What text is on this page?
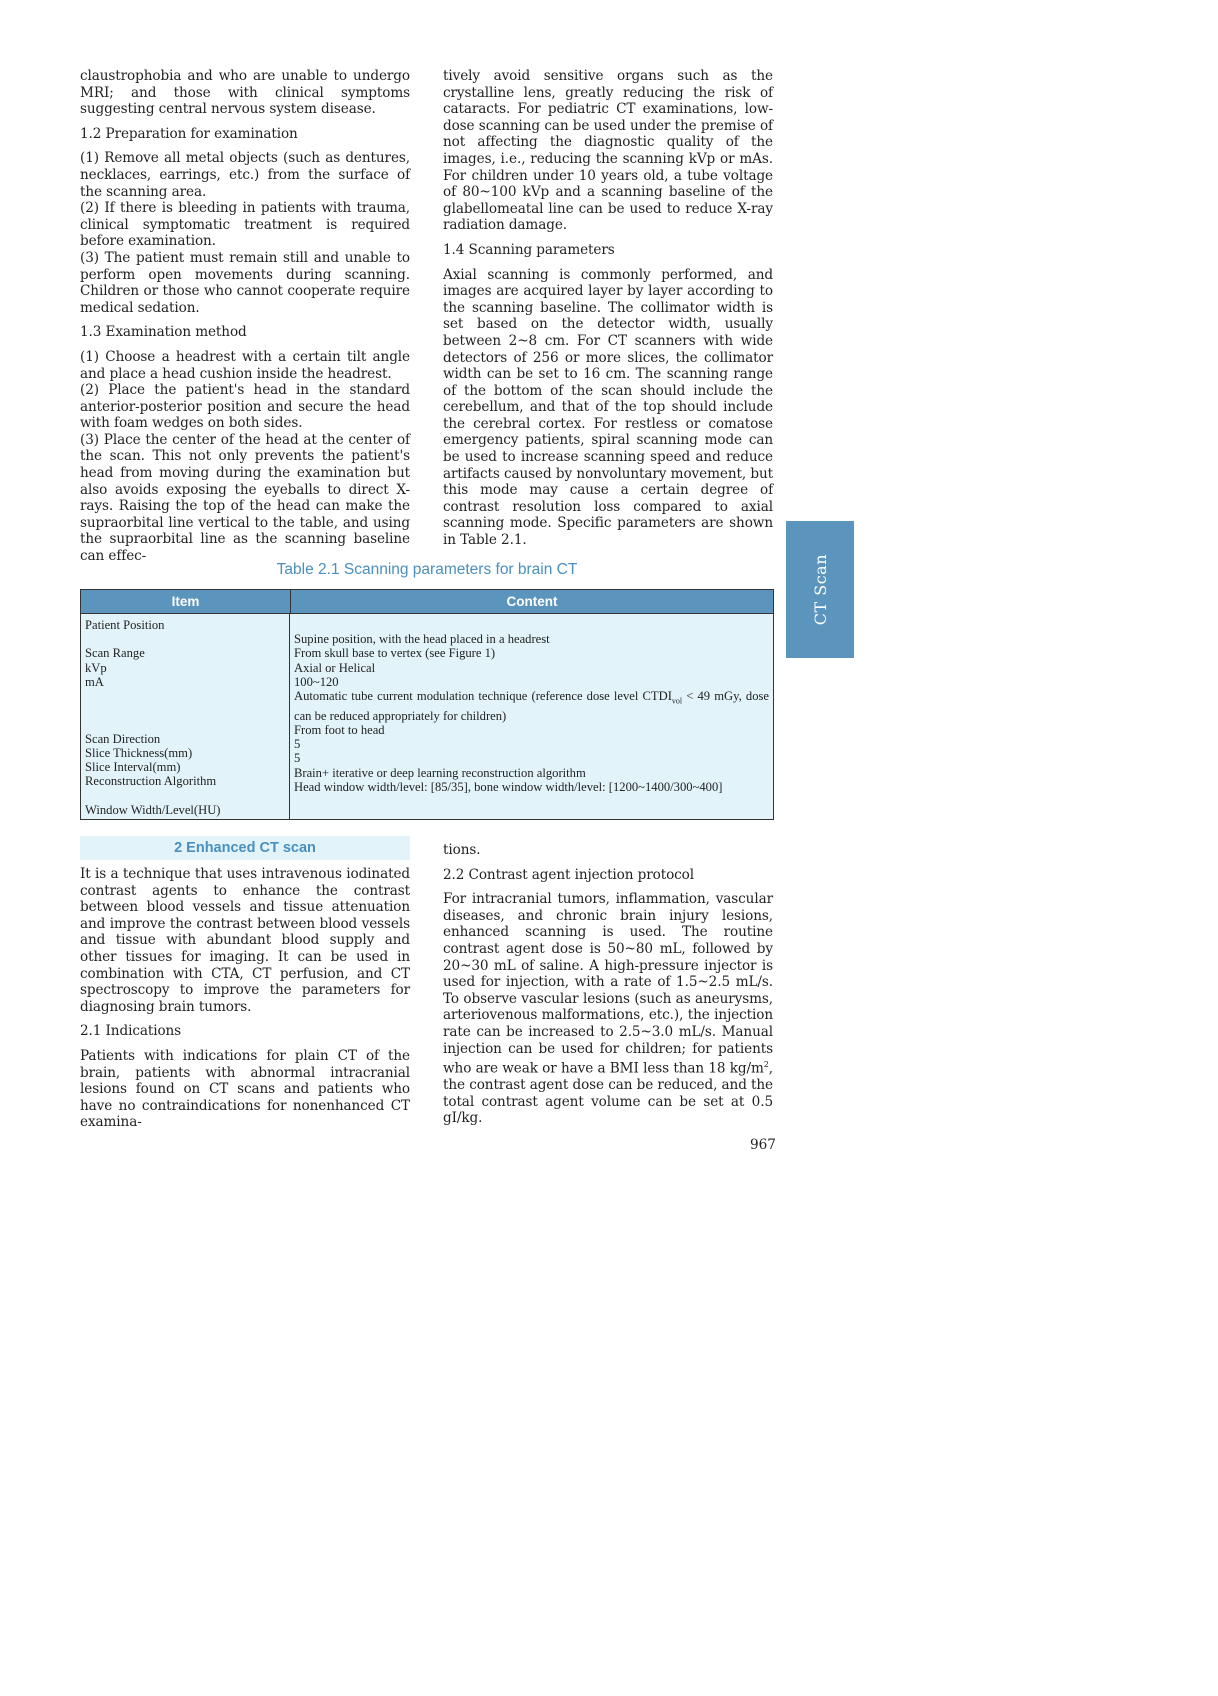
claustrophobia and who are unable to undergo MRI; and those with clinical symptoms suggesting central nervous system disease.

1.2 Preparation for examination

(1) Remove all metal objects (such as dentures, necklaces, earrings, etc.) from the surface of the scanning area.

(2) If there is bleeding in patients with trauma, clinical symptomatic treatment is required before examination.

(3) The patient must remain still and unable to perform open movements during scanning. Children or those who cannot cooperate require medical sedation.

1.3 Examination method

(1) Choose a headrest with a certain tilt angle and place a head cushion inside the headrest.

(2) Place the patient's head in the standard anterior-posterior position and secure the head with foam wedges on both sides.

(3) Place the center of the head at the center of the scan. This not only prevents the patient's head from moving during the examination but also avoids exposing the eyeballs to direct X-rays. Raising the top of the head can make the supraorbital line vertical to the table, and using the supraorbital line as the scanning baseline can effec-

tively avoid sensitive organs such as the crystalline lens, greatly reducing the risk of cataracts. For pediatric CT examinations, low-dose scanning can be used under the premise of not affecting the diagnostic quality of the images, i.e., reducing the scanning kVp or mAs. For children under 10 years old, a tube voltage of 80~100 kVp and a scanning baseline of the glabellomeatal line can be used to reduce X-ray radiation damage.

1.4 Scanning parameters

Axial scanning is commonly performed, and images are acquired layer by layer according to the scanning baseline. The collimator width is set based on the detector width, usually between 2~8 cm. For CT scanners with wide detectors of 256 or more slices, the collimator width can be set to 16 cm. The scanning range of the bottom of the scan should include the cerebellum, and that of the top should include the cerebral cortex. For restless or comatose emergency patients, spiral scanning mode can be used to increase scanning speed and reduce artifacts caused by nonvoluntary movement, but this mode may cause a certain degree of contrast resolution loss compared to axial scanning mode. Specific parameters are shown in Table 2.1.

CT Scan
Table 2.1 Scanning parameters for brain CT
Item	Content
Patient Position

Scan Range
kVp
mA

Scan Direction
Slice Thickness(mm)
Slice Interval(mm)
Reconstruction Algorithm

Window Width/Level(HU)

Supine position, with the head placed in a headrest
From skull base to vertex (see Figure 1)
Axial or Helical
100~120
Automatic tube current modulation technique (reference dose level $CTDI_{vol} < 49$ mGy, dose can be reduced appropriately for children)
From foot to head
5
5
Brain+ iterative or deep learning reconstruction algorithm
Head window width/level: [85/35], bone window width/level: [1200~1400/300~400]
2 Enhanced CT scan

It is a technique that uses intravenous iodinated contrast agents to enhance the contrast between blood vessels and tissue attenuation and improve the contrast between blood vessels and tissue with abundant blood supply and other tissues for imaging. It can be used in combination with CTA, CT perfusion, and CT spectroscopy to improve the parameters for diagnosing brain tumors.

2.1 Indications

Patients with indications for plain CT of the brain, patients with abnormal intracranial lesions found on CT scans and patients who have no contraindications for nonenhanced CT examina-

tions.

2.2 Contrast agent injection protocol

For intracranial tumors, inflammation, vascular diseases, and chronic brain injury lesions, enhanced scanning is used. The routine contrast agent dose is 50~80 mL, followed by 20~30 mL of saline. A high-pressure injector is used for injection, with a rate of 1.5~2.5 mL/s. To observe vascular lesions (such as aneurysms, arteriovenous malformations, etc.), the injection rate can be increased to 2.5~3.0 mL/s. Manual injection can be used for children; for patients who are weak or have a BMI less than 18 $kg/m^2$, the contrast agent dose can be reduced, and the total contrast agent volume can be set at 0.5 gI/kg.

967
